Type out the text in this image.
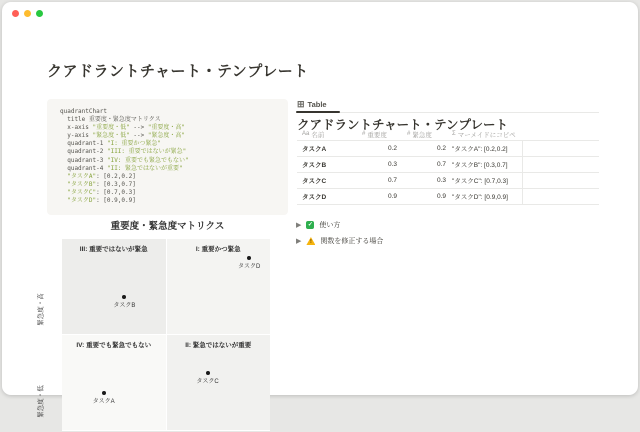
クアドラントチャート・テンプレート
quadrantChart
title 重要度・緊急度マトリクス
x-axis "重要度・低" --> "重要度・高"
y-axis "緊急度・低" --> "緊急度・高"
quadrant-1 "I: 重要かつ緊急"
quadrant-2 "III: 重要ではないが緊急"
quadrant-3 "IV: 重要でも緊急でもない"
quadrant-4 "II: 緊急ではないが重要"
"タスクA": [0.2,0.2]
"タスクB": [0.3,0.7]
"タスクC": [0.7,0.3]
"タスクD": [0.9,0.9]
重要度・緊急度マトリクス
III: 重要ではないが緊急	I: 重要かつ緊急
IV: 重要でも緊急でもない	II: 緊急ではないが重要
緊急度・高
緊急度・低	タスクA
タスクB
タスクC
タスクD
⊞ Table
クアドラントチャート・テンプレート
Aa 名前	# 重要度	# 緊急度	Σ マーメイドにコピペ
タスクA	0.2	0.2 "タスクA": [0.2,0.2]
タスクB	0.3	0.7 "タスクB": [0.3,0.7]
タスクC	0.7	0.3 "タスクC": [0.7,0.3]
タスクD	0.9	0.9 "タスクD": [0.9,0.9]
▶ ✓ 使い方
▶	!	関数を修正する場合
